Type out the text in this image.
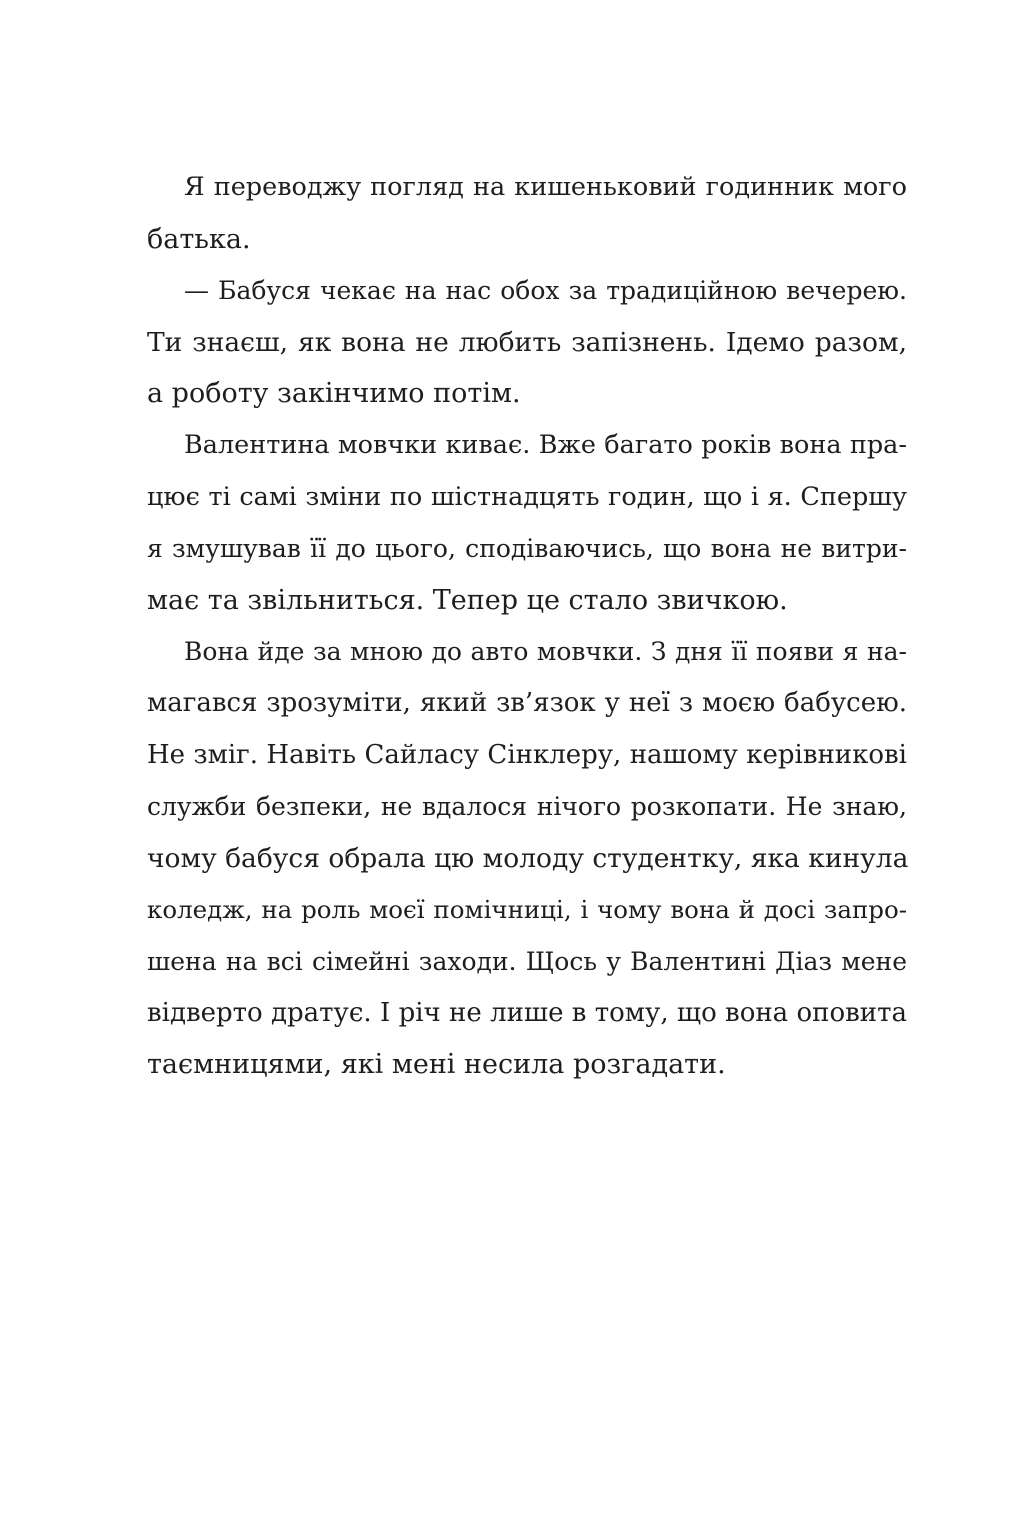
Я переводжу погляд на кишеньковий годинник мого
батька.
— Бабуся чекає на нас обох за традиційною вечерею.
Ти знаєш, як вона не любить запізнень. Ідемо разом,
а роботу закінчимо потім.
Валентина мовчки киває. Вже багато років вона пра-
цює ті самі зміни по шістнадцять годин, що і я. Спершу
я змушував її до цього, сподіваючись, що вона не витри-
має та звільниться. Тепер це стало звичкою.
Вона йде за мною до авто мовчки. З дня її появи я на-
магався зрозуміти, який зв’язок у неї з моєю бабусею.
Не зміг. Навіть Сайласу Сінклеру, нашому керівникові
служби безпеки, не вдалося нічого розкопати. Не знаю,
чому бабуся обрала цю молоду студентку, яка кинула
коледж, на роль моєї помічниці, і чому вона й досі запро-
шена на всі сімейні заходи. Щось у Валентині Діаз мене
відверто дратує. І річ не лише в тому, що вона оповита
таємницями, які мені несила розгадати.
